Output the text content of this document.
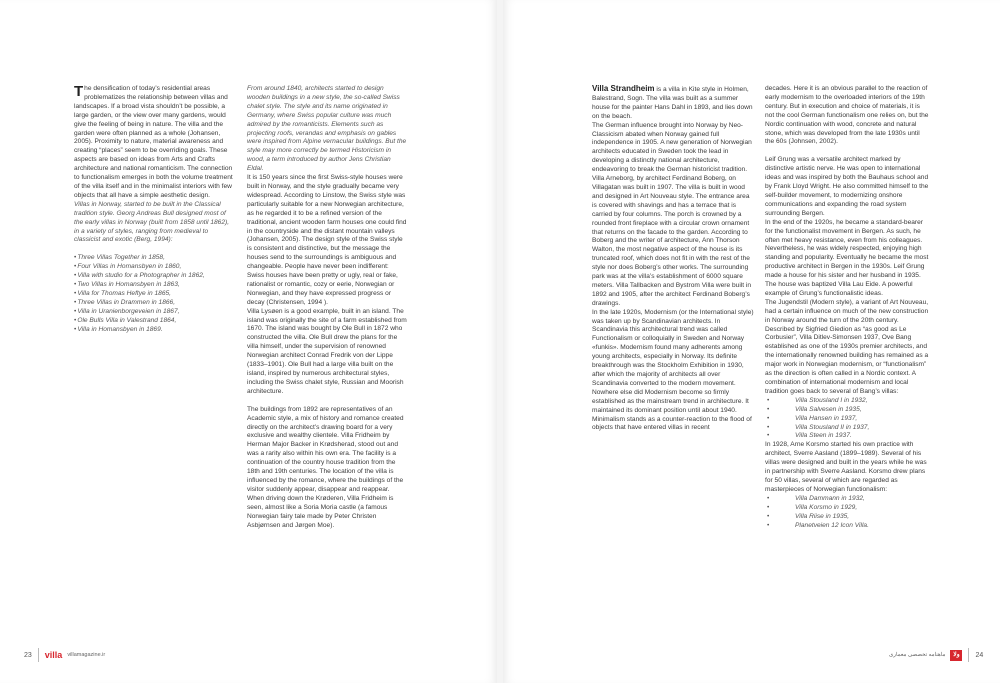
The densification of today’s residential areas problematizes the relationship between villas and landscapes. If a broad vista shouldn’t be possible, a large garden, or the view over many gardens, would give the feeling of being in nature. The villa and the garden were often planned as a whole (Johansen, 2005). Proximity to nature, material awareness and creating “places” seem to be overriding goals. These aspects are based on ideas from Arts and Crafts architecture and national romanticism. The connection to functionalism emerges in both the volume treatment of the villa itself and in the minimalist interiors with few objects that all have a simple aesthetic design.

Villas in Norway, started to be built in the Classical tradition style. Georg Andreas Bull designed most of the early villas in Norway (built from 1858 until 1862), in a variety of styles, ranging from medieval to classicist and exotic (Berg, 1994):

• Three Villas Together in 1858,
• Four Villas in Homansbyen in 1860,
• Villa with studio for a Photographer in 1862,
• Two Villas in Homansbyen in 1863,
• Villa for Thomas Heftye in 1865,
• Three Villas in Drammen in 1866,
• Villa in Uranienborgeveien in 1867,
• Ole Bulls Villa in Valestrand 1864,
• Villa in Homansbyen in 1869.

From around 1840, architects started to design wooden buildings in a new style, the so-called Swiss chalet style. The style and its name originated in Germany, where Swiss popular culture was much admired by the romanticists. Elements such as projecting roofs, verandas and emphasis on gables were inspired from Alpine vernacular buildings. But the style may more correctly be termed Historicism in wood, a term introduced by author Jens Christian Eldal.

It is 150 years since the first Swiss-style houses were built in Norway, and the style gradually became very widespread. According to Linstow, the Swiss style was particularly suitable for a new Norwegian architecture, as he regarded it to be a refined version of the traditional, ancient wooden farm houses one could find in the countryside and the distant mountain valleys (Johansen, 2005). The design style of the Swiss style is consistent and distinctive, but the message the houses send to the surroundings is ambiguous and changeable. People have never been indifferent: Swiss houses have been pretty or ugly, real or fake, rationalist or romantic, cozy or eerie, Norwegian or Norwegian, and they have expressed progress or decay (Christensen, 1994 ).

Villa Lysøen is a good example, built in an island. The island was originally the site of a farm established from 1670. The island was bought by Ole Bull in 1872 who constructed the villa. Ole Bull drew the plans for the villa himself, under the supervision of renowned Norwegian architect Conrad Fredrik von der Lippe (1833–1901). Ole Bull had a large villa built on the island, inspired by numerous architectural styles, including the Swiss chalet style, Russian and Moorish architecture.

The buildings from 1892 are representatives of an Academic style, a mix of history and romance created directly on the architect’s drawing board for a very exclusive and wealthy clientele. Villa Fridheim by Herman Major Backer in Krødsherad, stood out and was a rarity also within his own era. The facility is a continuation of the country house tradition from the 18th and 19th centuries. The location of the villa is influenced by the romance, where the buildings of the visitor suddenly appear, disappear and reappear. When driving down the Krøderen, Villa Fridheim is seen, almost like a Soria Moria castle (a famous Norwegian fairy tale made by Peter Christen Asbjørnsen and Jørgen Moe).

23 villa villamagazine.ir

Villa Strandheim is a villa in Kite style in Holmen, Balestrand, Sogn. The villa was built as a summer house for the painter Hans Dahl in 1893, and lies down on the beach.

The German influence brought into Norway by Neo-Classicism abated when Norway gained full independence in 1905. A new generation of Norwegian architects educated in Sweden took the lead in developing a distinctly national architecture, endeavoring to break the German historicist tradition.

Villa Arneborg, by architect Ferdinand Boberg, on Villagatan was built in 1907. The villa is built in wood and designed in Art Nouveau style. The entrance area is covered with shavings and has a terrace that is carried by four columns. The porch is crowned by a rounded front fireplace with a circular crown ornament that returns on the facade to the garden. According to Boberg and the writer of architecture, Ann Thorson Walton, the most negative aspect of the house is its truncated roof, which does not fit in with the rest of the style nor does Boberg’s other works. The surrounding park was at the villa’s establishment of 6000 square meters. Villa Tallbacken and Bystrom Villa were built in 1892 and 1905, after the architect Ferdinand Boberg’s drawings.

In the late 1920s, Modernism (or the International style) was taken up by Scandinavian architects. In Scandinavia this architectural trend was called Functionalism or colloquially in Sweden and Norway «funkis». Modernism found many adherents among young architects, especially in Norway. Its definite breakthrough was the Stockholm Exhibition in 1930, after which the majority of architects all over Scandinavia converted to the modern movement. Nowhere else did Modernism become so firmly established as the mainstream trend in architecture. It maintained its dominant position until about 1940. Minimalism stands as a counter-reaction to the flood of objects that have entered villas in recent

decades. Here it is an obvious parallel to the reaction of early modernism to the overloaded interiors of the 19th century. But in execution and choice of materials, it is not the cool German functionalism one relies on, but the Nordic continuation with wood, concrete and natural stone, which was developed from the late 1930s until the 60s (Johnsen, 2002).

Leif Grung was a versatile architect marked by distinctive artistic nerve. He was open to international ideas and was inspired by both the Bauhaus school and by Frank Lloyd Wright. He also committed himself to the self-builder movement, to modernizing onshore communications and expanding the road system surrounding Bergen.

In the end of the 1920s, he became a standard-bearer for the functionalist movement in Bergen. As such, he often met heavy resistance, even from his colleagues. Nevertheless, he was widely respected, enjoying high standing and popularity. Eventually he became the most productive architect in Bergen in the 1930s. Leif Grung made a house for his sister and her husband in 1935. The house was baptized Villa Lau Eide. A powerful example of Grung’s functionalistic ideas.

The Jugendstil (Modern style), a variant of Art Nouveau, had a certain influence on much of the new construction in Norway around the turn of the 20th century.

Described by Sigfried Giedion as “as good as Le Corbusier”, Villa Ditlev-Simonsen 1937, Ove Bang established as one of the 1930s premier architects, and the internationally renowned building has remained as a major work in Norwegian modernism, or “functionalism” as the direction is often called in a Nordic context. A combination of international modernism and local tradition goes back to several of Bang’s villas:

• Villa Stousland I in 1932,
• Villa Salvesen in 1935,
• Villa Hansen in 1937,
• Villa Stousland II in 1937,
• Villa Steen in 1937.

In 1928, Arne Korsmo started his own practice with architect, Sverre Aasland (1899–1989). Several of his villas were designed and built in the years while he was in partnership with Sverre Aasland. Korsmo drew plans for 50 villas, several of which are regarded as masterpieces of Norwegian functionalism:

• Villa Dammann in 1932,
• Villa Korsmo in 1929,
• Villa Riise in 1935,
• Planetveien 12 Icon Villa.
ماهنامه تخصصی معماری	ولا	24
